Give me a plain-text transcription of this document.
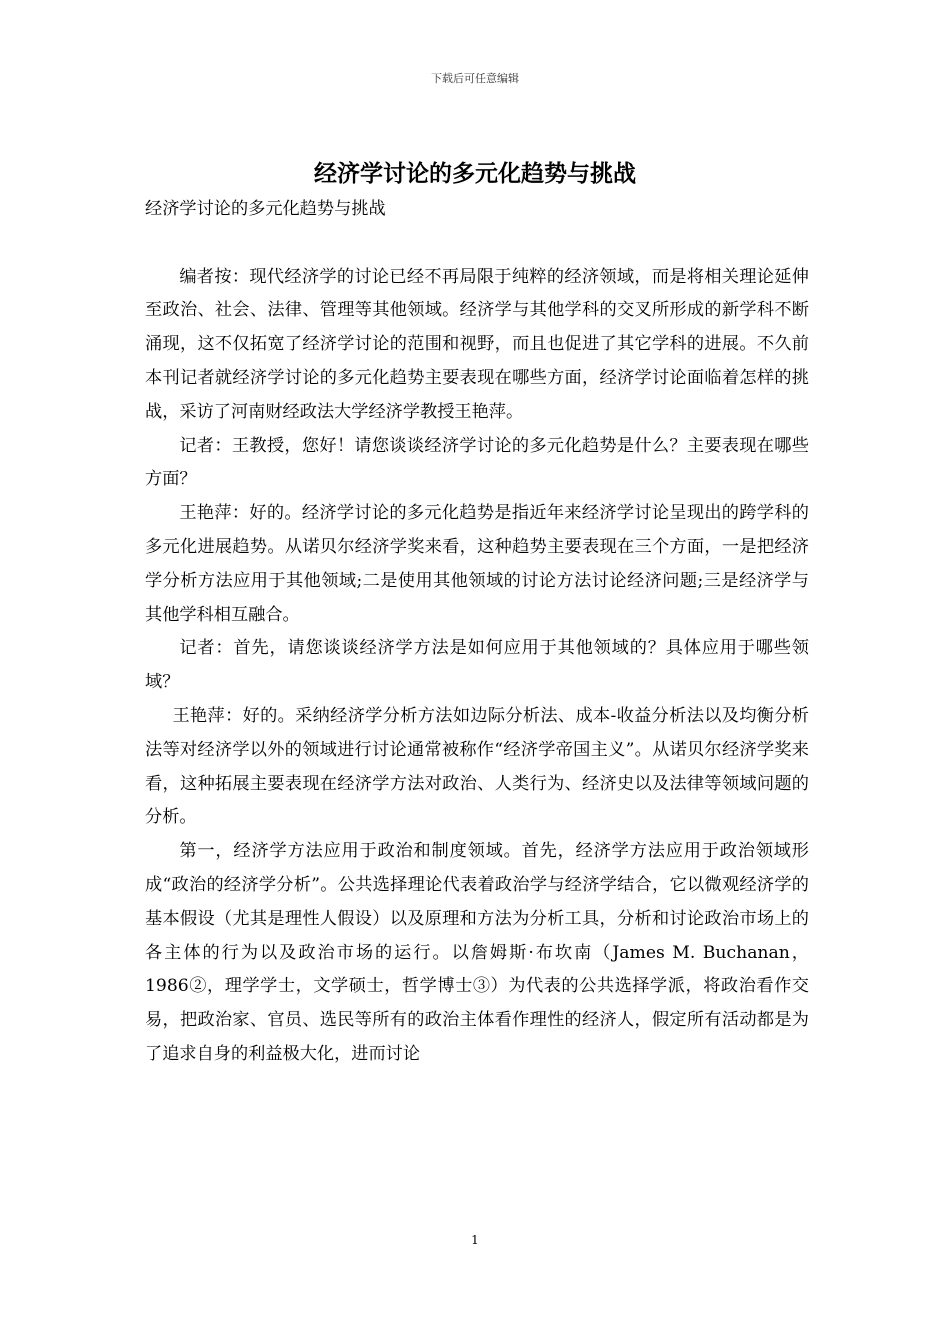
下载后可任意编辑
经济学讨论的多元化趋势与挑战

经济学讨论的多元化趋势与挑战

编者按：现代经济学的讨论已经不再局限于纯粹的经济领域，而是将相关理论延伸至政治、社会、法律、管理等其他领域。经济学与其他学科的交叉所形成的新学科不断涌现，这不仅拓宽了经济学讨论的范围和视野，而且也促进了其它学科的进展。不久前本刊记者就经济学讨论的多元化趋势主要表现在哪些方面，经济学讨论面临着怎样的挑战，采访了河南财经政法大学经济学教授王艳萍。

记者：王教授，您好！请您谈谈经济学讨论的多元化趋势是什么？主要表现在哪些方面？

王艳萍：好的。经济学讨论的多元化趋势是指近年来经济学讨论呈现出的跨学科的多元化进展趋势。从诺贝尔经济学奖来看，这种趋势主要表现在三个方面，一是把经济学分析方法应用于其他领域;二是使用其他领域的讨论方法讨论经济问题;三是经济学与其他学科相互融合。

记者：首先，请您谈谈经济学方法是如何应用于其他领域的？具体应用于哪些领域？

王艳萍：好的。采纳经济学分析方法如边际分析法、成本-收益分析法以及均衡分析法等对经济学以外的领域进行讨论通常被称作“经济学帝国主义”。从诺贝尔经济学奖来看，这种拓展主要表现在经济学方法对政治、人类行为、经济史以及法律等领域问题的分析。

第一，经济学方法应用于政治和制度领域。首先，经济学方法应用于政治领域形成“政治的经济学分析”。公共选择理论代表着政治学与经济学结合，它以微观经济学的基本假设（尤其是理性人假设）以及原理和方法为分析工具，分析和讨论政治市场上的各主体的行为以及政治市场的运行。以詹姆斯·布坎南（James M. Buchanan，1986②，理学学士，文学硕士，哲学博士③）为代表的公共选择学派，将政治看作交易，把政治家、官员、选民等所有的政治主体看作理性的经济人，假定所有活动都是为了追求自身的利益极大化，进而讨论

1
